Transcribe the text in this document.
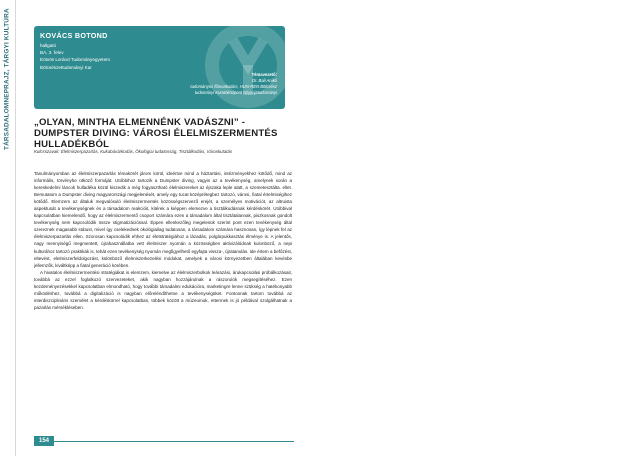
TÁRSADALOMNEPRAJZ, TÁRGYI KULTÚRA	KOVÁCS BOTOND
hallgató
BA, 3. felev
Eötvös Loránd Tudományegyetem
Bölcsészettudományi Kar
Témavezető:
Dr. Bali Anikó
tudományos főmunkatárs, HUN-REN Bölcsész
tudományi Kutatóközpont Néprajztudományi
„OLYAN, MINTHA ELMENNÉNK VADÁSZNI” - DUMPSTER DIVING: VÁROSI ÉLELMISZERMENTÉS HULLADÉKBÓL
Kulcsszavak: Élelmiszerpazarlás, Kukabúvárkodás, Ökológiai tudatosság, Tisztálkodási, Városkutatás

Tanulmányomban az élelmiszerpazarlás témakörét járom körül, ideértve mind a háztartási, intézményekhez kötődő, mind az informális, törvényhe ütköző formáját. Utóbbihoz tartozik a Dumpster diving, vagyis az a tevékenység, amelynek során a kereskedelmi láncok hulladéka közül kiszedik a még fogyasztható élelmiszereket az éjszaka leple alatt, a szemetesztálta. ellet. Bemutatom a Dumpster diving magyarországi megjelenését, amely egy tucat középrétegbez tartozó, városi, fiatal értelmiségihez kötődő. Elemzem az általuk megvalósuló élelmiszermentés közösségszervező erejét, a személyes motivációt, az altruista aspektusát a tevékenységnek és a társadalom reakcióit, kitérek a kiéppen elemezve a tisztálkodásnak kérdéskörét. Utóbbival kapcsolatban kiemelendő, hogy az élelmiszermentő csoport számára ezen a társadalom által tisztátalannak, piszkosnak gondolt tevékenység nem kapcsolódik össze stigmatizációssal. Éppen ellenkezőleg megelesük szerint pont ezen tevékenység által szereznek magasabb státust, mivel így cselekednek ökológiailag tudatosan, a társadalom számára hasznosan, így lépnek fel az élelmiszerpazarlás ellen. Szorosan kapcsolódik ehhez az életstratégiához a lázadás, polgárpukkasztás élménye is. A jelentős, nagy mennyiségű megmentett, újrahasznállatba vett élelmiszer nyomán a közösségben aktivizálódnak kulonböző, a nepi kulturához tartozó praktikák is, tehát ezen tevékenység nyomán megfigyelhető egyfajta vissza-, újratanulás. Ide értem a befőzést, eltevést, elelmiszerfeldolgozást, különböző élelmiszerkezelési módokat, amelyek a városi környezetben általában kevésbe jellemzők, kiváltképp a fiatal generáció körében.

A hivatalos élelmiszermentési stratégiákat is elemzem, kiemelve az élelmiszerbolkok leárazási, árukapcsolási próbálkozásait, továbbá az ezzel foglalkozó szervezeteket, akik nagyban hozzájárulnak a rászorulók megsegítéséhez. Ezen kezdeményezésekkel kapcsolatban elmondható, hogy további társadalmi edukációra, marketingre lenne szükség a hatékonyabb működéshez, továbbá a digitalizáció is nagyban előreléndíthetne a tevékenységüket. Fontosnak tartom továbbá az interdiszciplináris személet a kérdéskörrel kapcsolatban, többek között a múzeumok, ettermek is jó példával szolgálhatnak a pazarlás mérsékléseben.

154
